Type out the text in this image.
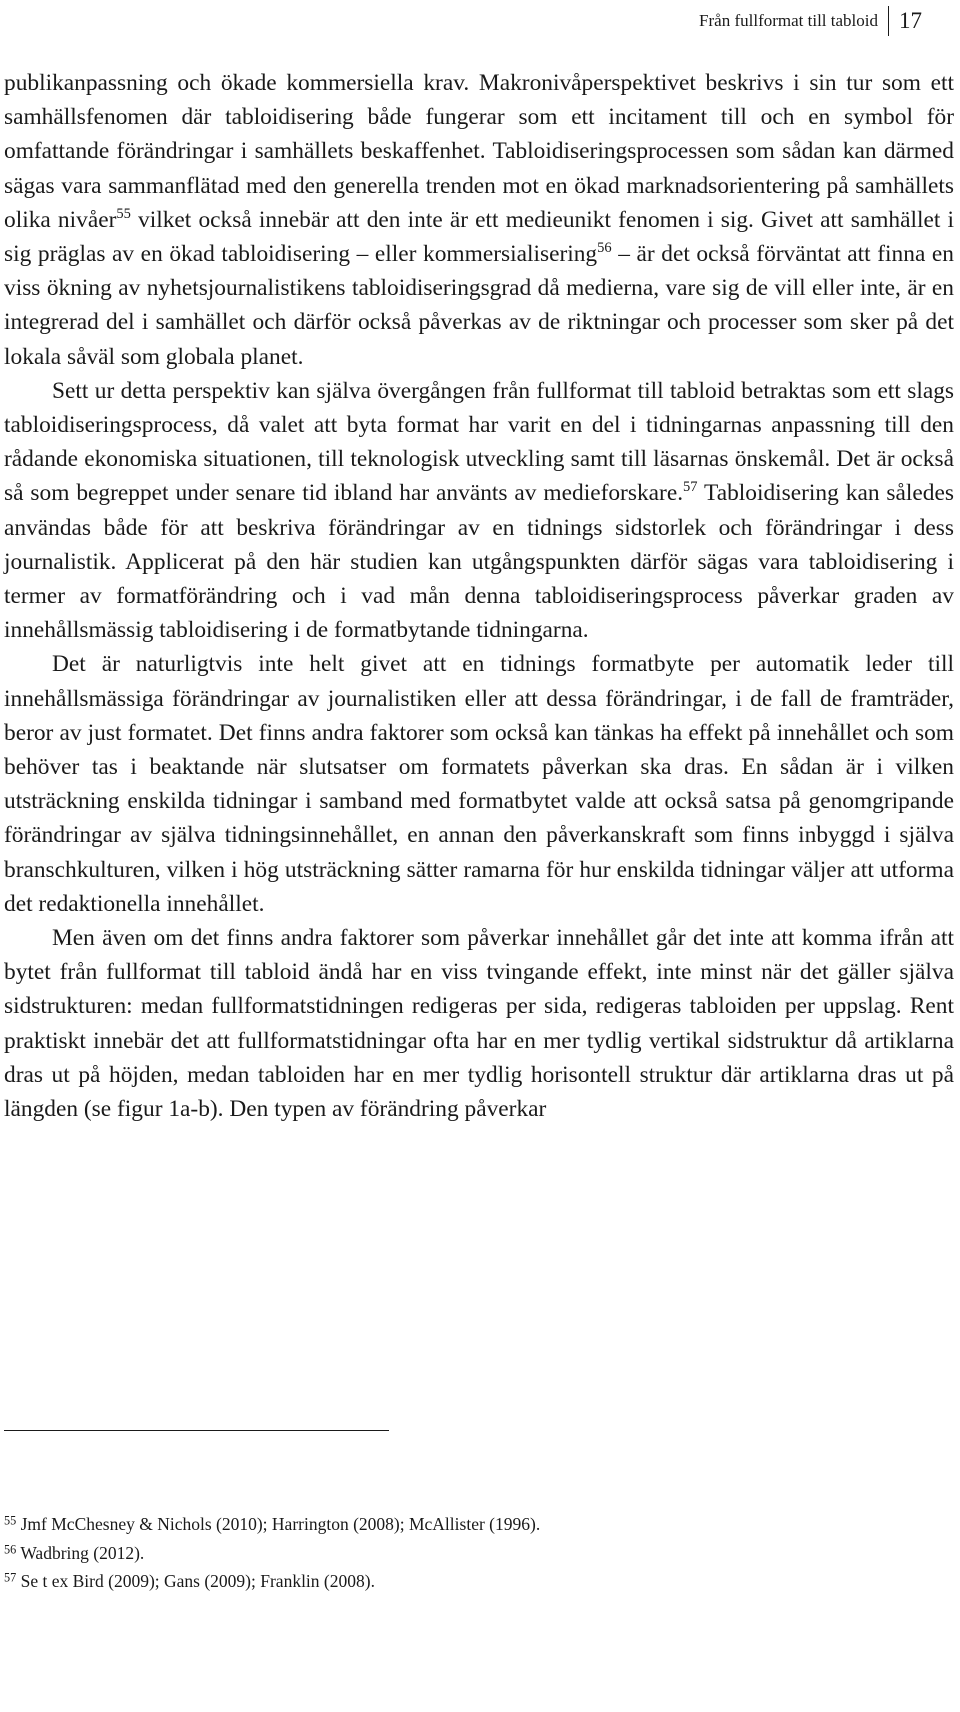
Från fullformat till tabloid 17

publikanpassning och ökade kommersiella krav. Makronivåperspektivet beskrivs i sin tur som ett samhällsfenomen där tabloidisering både fungerar som ett incitament till och en symbol för omfattande förändringar i samhällets beskaffenhet. Tabloidiseringsprocessen som sådan kan därmed sägas vara sammanflätad med den generella trenden mot en ökad marknadsorientering på samhällets olika nivåer$^{55}$ vilket också innebär att den inte är ett medieunikt fenomen i sig. Givet att samhället i sig präglas av en ökad tabloidisering – eller kommersialisering$^{56}$ – är det också förväntat att finna en viss ökning av nyhetsjournalistikens tabloidiseringsgrad då medierna, vare sig de vill eller inte, är en integrerad del i samhället och därför också påverkas av de riktningar och processer som sker på det lokala såväl som globala planet.

Sett ur detta perspektiv kan själva övergången från fullformat till tabloid betraktas som ett slags tabloidiseringsprocess, då valet att byta format har varit en del i tidningarnas anpassning till den rådande ekonomiska situationen, till teknologisk utveckling samt till läsarnas önskemål. Det är också så som begreppet under senare tid ibland har använts av medieforskare.$^{57}$ Tabloidisering kan således användas både för att beskriva förändringar av en tidnings sidstorlek och förändringar i dess journalistik. Applicerat på den här studien kan utgångspunkten därför sägas vara tabloidisering i termer av formatförändring och i vad mån denna tabloidiseringsprocess påverkar graden av innehållsmässig tabloidisering i de formatbytande tidningarna.

Det är naturligtvis inte helt givet att en tidnings formatbyte per automatik leder till innehållsmässiga förändringar av journalistiken eller att dessa förändringar, i de fall de framträder, beror av just formatet. Det finns andra faktorer som också kan tänkas ha effekt på innehållet och som behöver tas i beaktande när slutsatser om formatets påverkan ska dras. En sådan är i vilken utsträckning enskilda tidningar i samband med formatbytet valde att också satsa på genomgripande förändringar av själva tidningsinnehållet, en annan den påverkanskraft som finns inbyggd i själva branschkulturen, vilken i hög utsträckning sätter ramarna för hur enskilda tidningar väljer att utforma det redaktionella innehållet.

Men även om det finns andra faktorer som påverkar innehållet går det inte att komma ifrån att bytet från fullformat till tabloid ändå har en viss tvingande effekt, inte minst när det gäller själva sidstrukturen: medan fullformatstidningen redigeras per sida, redigeras tabloiden per uppslag. Rent praktiskt innebär det att fullformatstidningar ofta har en mer tydlig vertikal sidstruktur då artiklarna dras ut på höjden, medan tabloiden har en mer tydlig horisontell struktur där artiklarna dras ut på längden (se figur 1a-b). Den typen av förändring påverkar

$^{55}$ Jmf McChesney & Nichols (2010); Harrington (2008); McAllister (1996).
$^{56}$ Wadbring (2012).
$^{57}$ Se t ex Bird (2009); Gans (2009); Franklin (2008).
